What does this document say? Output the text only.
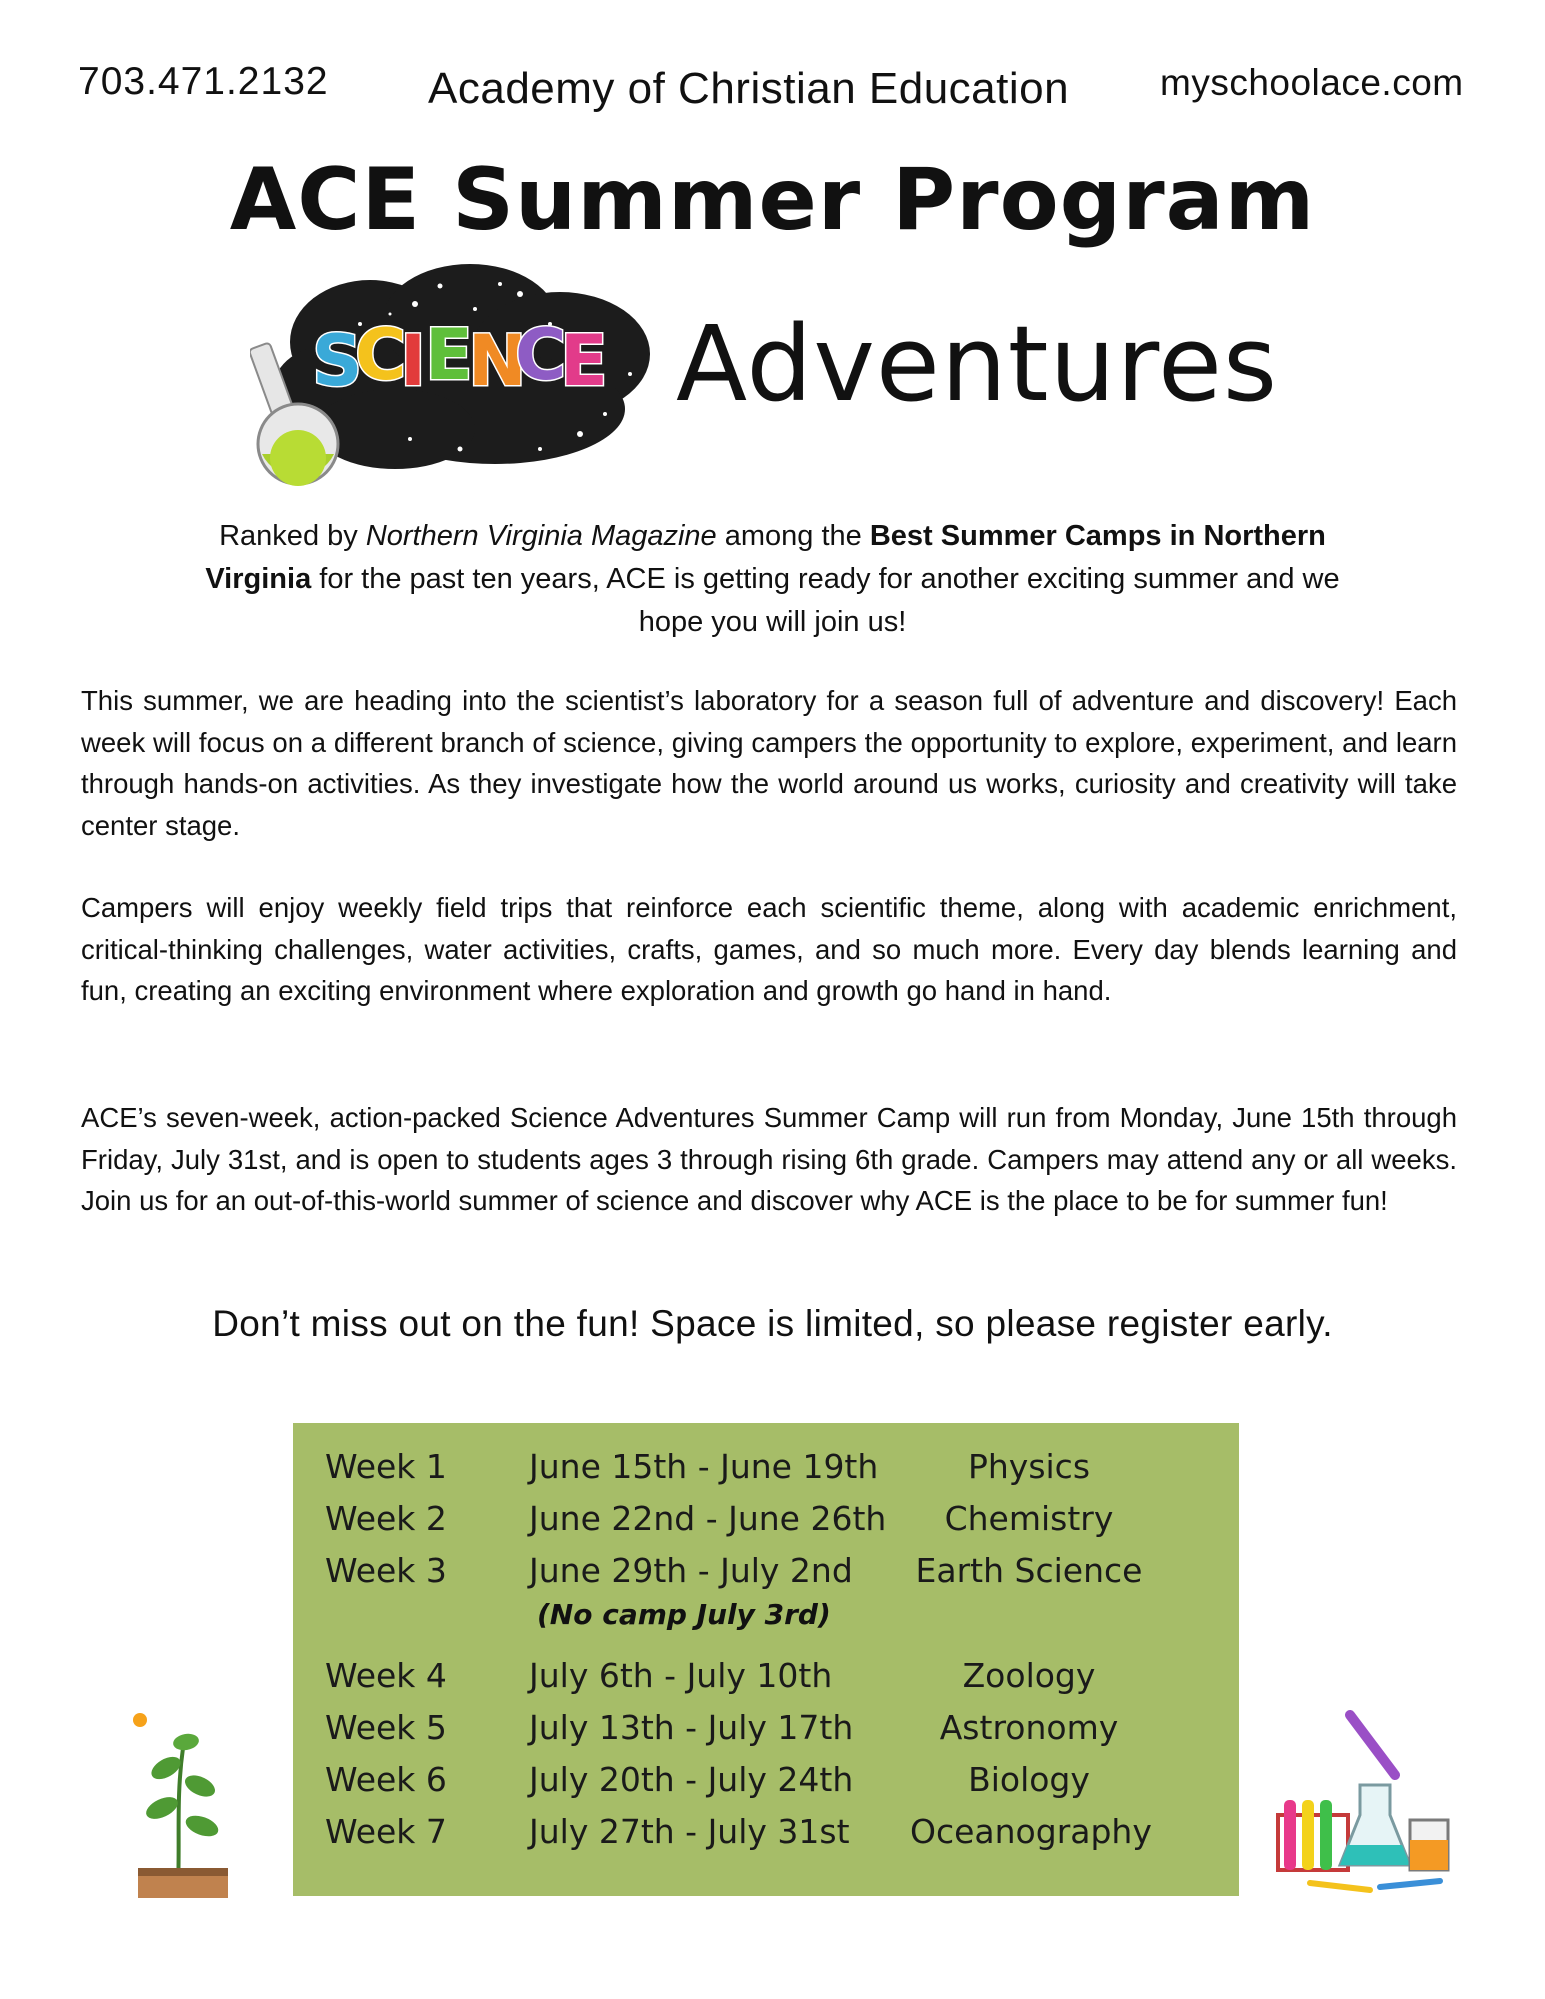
703.471.2132 Academy of Christian Education myschoolace.com
ACE Summer Program
S
C
I
E
N
C
E Adventures
Ranked by Northern Virginia Magazine among the Best Summer Camps in Northern Virginia for the past ten years, ACE is getting ready for another exciting summer and we hope you will join us!
This summer, we are heading into the scientist’s laboratory for a season full of adventure and discovery! Each week will focus on a different branch of science, giving campers the opportunity to explore, experiment, and learn through hands-on activities. As they investigate how the world around us works, curiosity and creativity will take center stage.
Campers will enjoy weekly field trips that reinforce each scientific theme, along with academic enrichment, critical-thinking challenges, water activities, crafts, games, and so much more. Every day blends learning and fun, creating an exciting environment where exploration and growth go hand in hand.
ACE’s seven-week, action-packed Science Adventures Summer Camp will run from Monday, June 15th through Friday, July 31st, and is open to students ages 3 through rising 6th grade. Campers may attend any or all weeks. Join us for an out-of-this-world summer of science and discover why ACE is the place to be for summer fun!
Don’t miss out on the fun! Space is limited, so please register early.
Week 1 June 15th - June 19th	Physics
Week 2 June 22nd - June 26th	Chemistry
Week 3 June 29th - July 2nd Earth Science
(No camp July 3rd)
Week 4 July 6th - July 10th	Zoology
Week 5 July 13th - July 17th	Astronomy
Week 6 July 20th - July 24th	Biology
Week 7 July 27th - July 31st Oceanography
